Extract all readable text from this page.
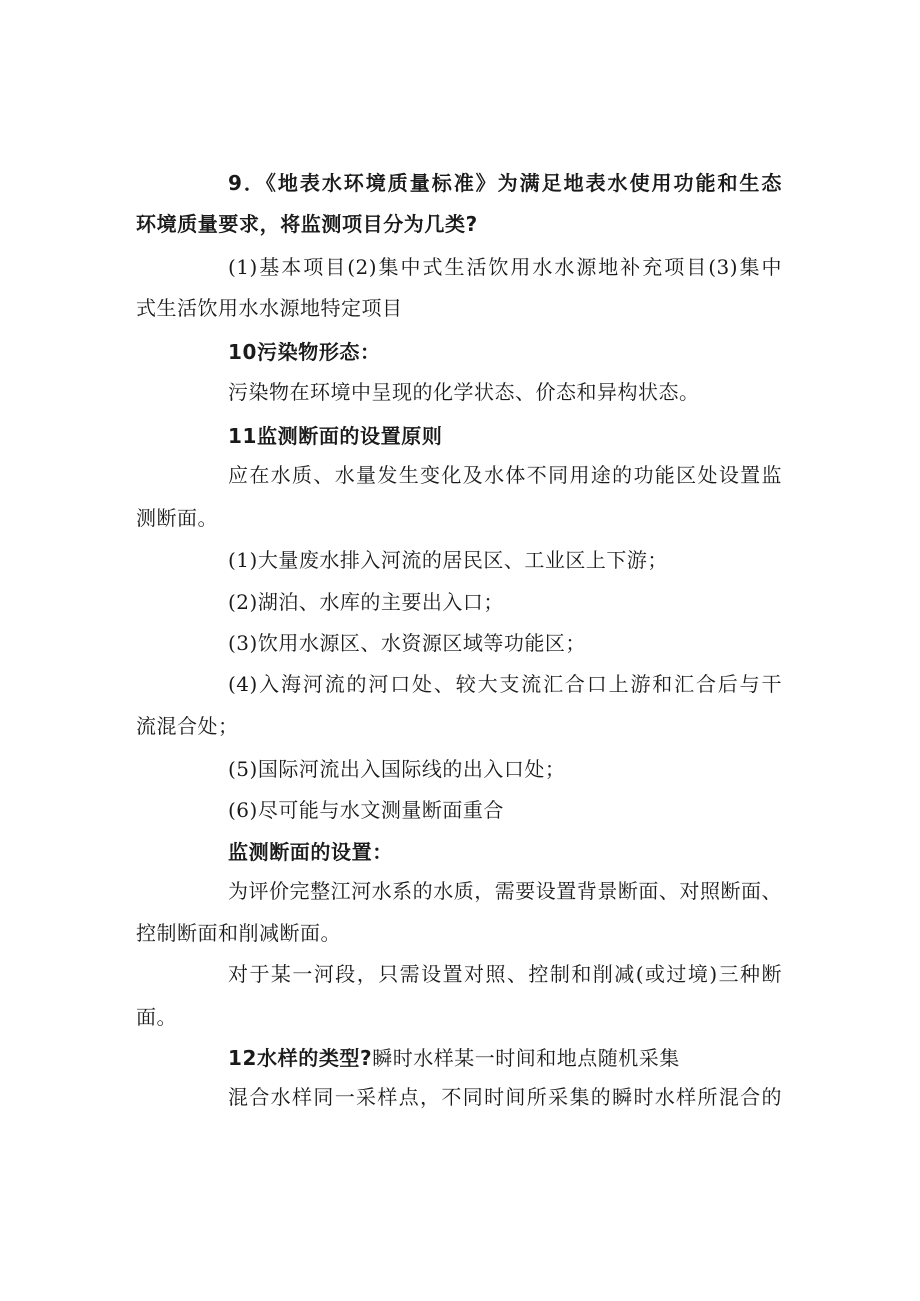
9．《地表水环境质量标准》为满足地表水使用功能和生态
环境质量要求，将监测项目分为几类?
(1)基本项目(2)集中式生活饮用水水源地补充项目(3)集中
式生活饮用水水源地特定项目
10污染物形态：
污染物在环境中呈现的化学状态、价态和异构状态。
11监测断面的设置原则
应在水质、水量发生变化及水体不同用途的功能区处设置监
测断面。
(1)大量废水排入河流的居民区、工业区上下游；
(2)湖泊、水库的主要出入口；
(3)饮用水源区、水资源区域等功能区；
(4)入海河流的河口处、较大支流汇合口上游和汇合后与干
流混合处；
(5)国际河流出入国际线的出入口处；
(6)尽可能与水文测量断面重合
监测断面的设置：
为评价完整江河水系的水质，需要设置背景断面、对照断面、
控制断面和削减断面。
对于某一河段，只需设置对照、控制和削减(或过境)三种断
面。
12水样的类型?瞬时水样某一时间和地点随机采集
混合水样同一采样点，不同时间所采集的瞬时水样所混合的
